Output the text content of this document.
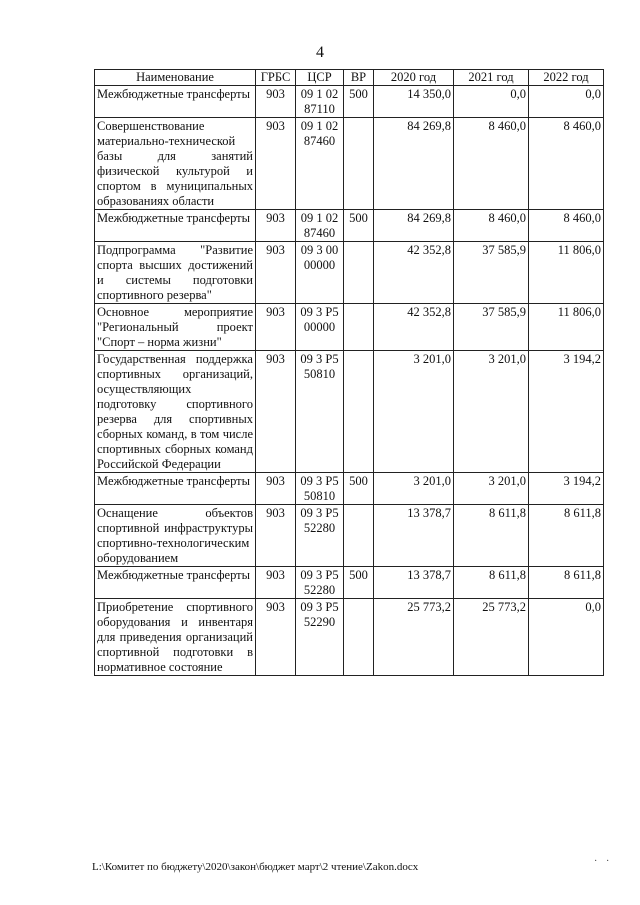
4
Наименование	ГРБС	ЦСР	ВР	2020 год	2021 год	2022 год
Межбюджетные трансферты	903	09 1 02 87110	500	14 350,0	0,0	0,0
Совершенствование материально-технической базы для занятий физической культурой и спортом в муниципальных образованиях области	903	09 1 02 87460		84 269,8	8 460,0	8 460,0
Межбюджетные трансферты	903	09 1 02 87460	500	84 269,8	8 460,0	8 460,0
Подпрограмма "Развитие спорта высших достижений и системы подготовки спортивного резерва"	903	09 3 00 00000		42 352,8	37 585,9	11 806,0
Основное мероприятие "Региональный проект "Спорт – норма жизни"	903	09 3 P5 00000		42 352,8	37 585,9	11 806,0
Государственная поддержка спортивных организаций, осуществляющих подготовку спортивного резерва для спортивных сборных команд, в том числе спортивных сборных команд Российской Федерации	903	09 3 P5 50810		3 201,0	3 201,0	3 194,2
Межбюджетные трансферты	903	09 3 P5 50810	500	3 201,0	3 201,0	3 194,2
Оснащение объектов спортивной инфраструктуры спортивно-технологическим оборудованием	903	09 3 P5 52280		13 378,7	8 611,8	8 611,8
Межбюджетные трансферты	903	09 3 P5 52280	500	13 378,7	8 611,8	8 611,8
Приобретение спортивного оборудования и инвентаря для приведения организаций спортивной подготовки в нормативное состояние	903	09 3 P5 52290		25 773,2	25 773,2	0,0
L:\Комитет по бюджету\2020\закон\бюджет март\2 чтение\Zakon.docx	· ·
